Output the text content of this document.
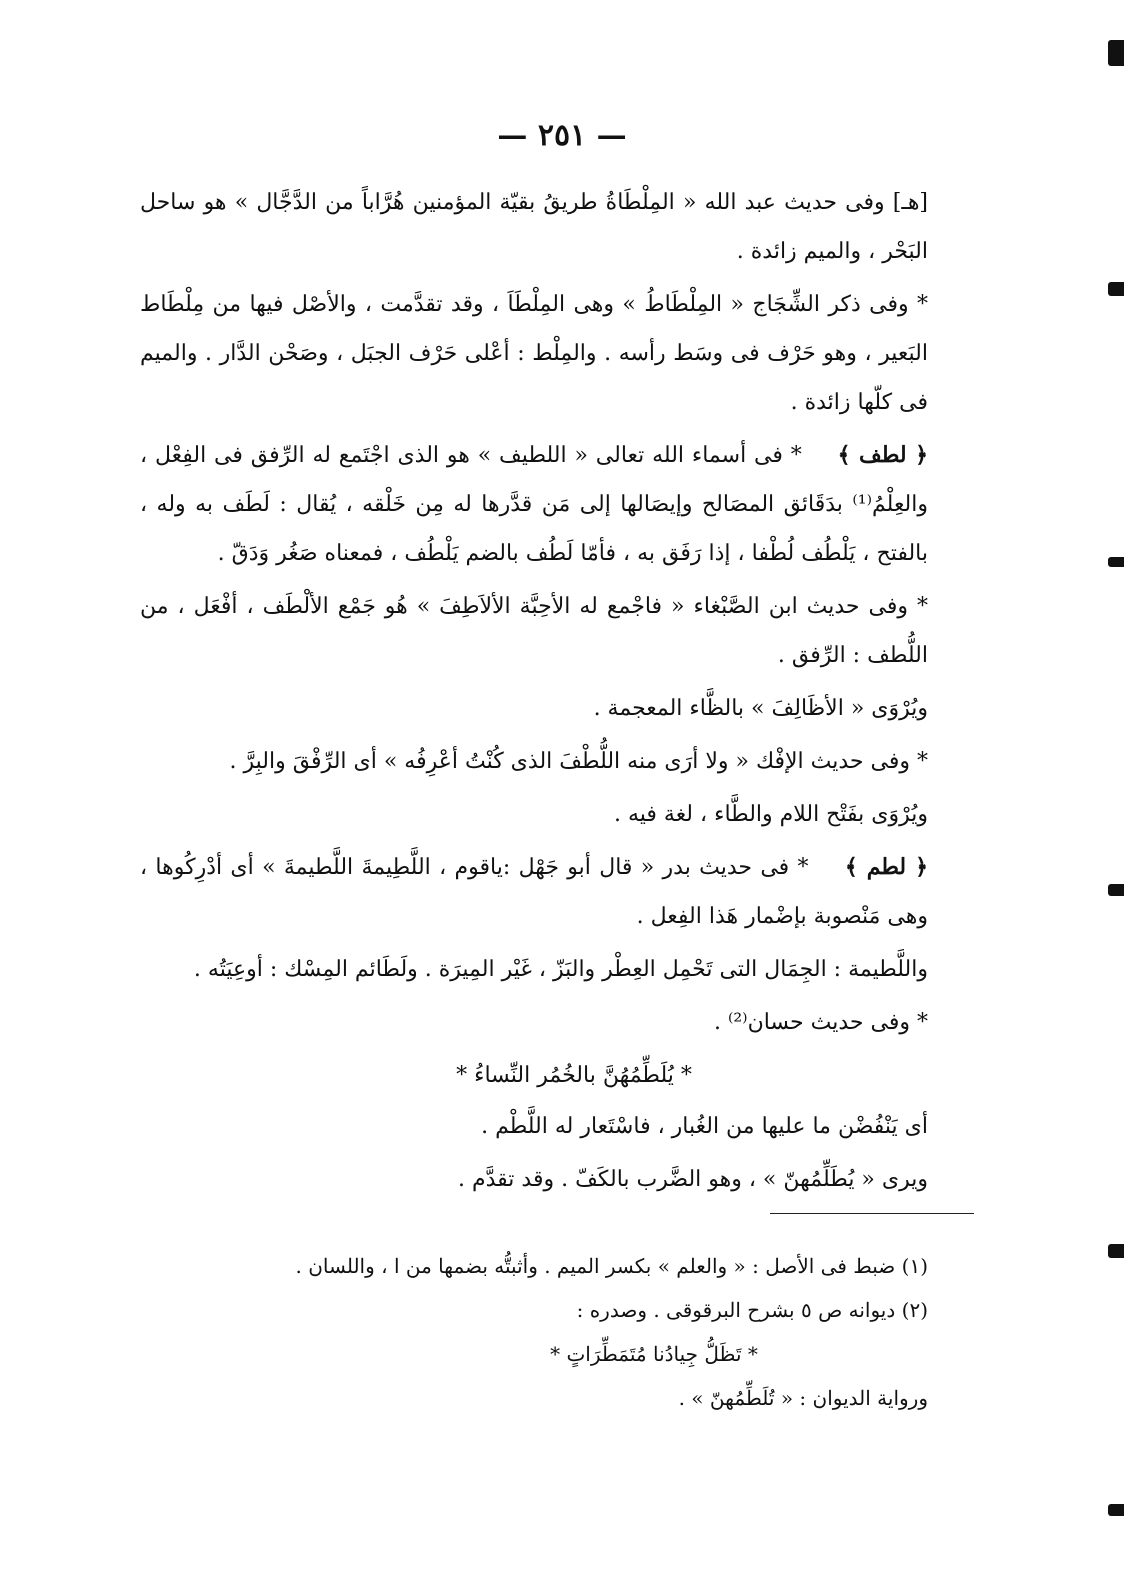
— ٢٥١ —

[هـ] وفى حديث عبد الله « المِلْطَاةُ طريقُ بقيّة المؤمنين هُرَّاباً من الدَّجَّال » هو ساحل البَحْر ، والميم زائدة .

* وفى ذكر الشِّجَاج « المِلْطَاطُ » وهى المِلْطَاَ ، وقد تقدَّمت ، والأصْل فيها من مِلْطَاط البَعير ، وهو حَرْف فى وسَط رأسه . والمِلْط : أعْلى حَرْف الجبَل ، وصَحْن الدَّار . والميم فى كلّها زائدة .

﴿ لطف ﴾ * فى أسماء الله تعالى « اللطيف » هو الذى اجْتَمع له الرِّفق فى الفِعْل ، والعِلْمُ⁽¹⁾ بدَقَائق المصَالح وإيصَالها إلى مَن قدَّرها له مِن خَلْقه ، يُقال : لَطَف به وله ، بالفتح ، يَلْطُف لُطْفا ، إذا رَفَق به ، فأمّا لَطُف بالضم يَلْطُف ، فمعناه صَغُر وَدَقّ .

* وفى حديث ابن الصَّبْغاء « فاجْمع له الأحِبَّة الألاَطِفَ » هُو جَمْع الألْطَف ، أفْعَل ، من اللُّطف : الرِّفق .

ويُرْوَى « الأظَالِفَ » بالظَّاء المعجمة .

* وفى حديث الإفْك « ولا أرَى منه اللُّطْفَ الذى كُنْتُ أعْرِفُه » أى الرِّفْقَ والبِرَّ .

ويُرْوَى بفَتْح اللام والطَّاء ، لغة فيه .

﴿ لطم ﴾ * فى حديث بدر « قال أبو جَهْل :ياقوم ، اللَّطِيمةَ اللَّطيمةَ » أى أدْرِكُوها ، وهى مَنْصوبة بإضْمار هَذا الفِعل .

واللَّطيمة : الجِمَال التى تَحْمِل العِطْر والبَزّ ، غَيْر المِيرَة . ولَطَائم المِسْك : أوعِيَتُه .

* وفى حديث حسان⁽²⁾ .

* يُلَطِّمُهُنَّ بالخُمُر النِّساءُ *

أى يَنْفُضْن ما عليها من الغُبار ، فاسْتَعار له اللَّطْم .

ويرى « يُطَلِّمُهنّ » ، وهو الضَّرب بالكَفّ . وقد تقدَّم .

(١) ضبط فى الأصل : « والعلم » بكسر الميم . وأثبتُّه بضمها من ا ، واللسان .

(٢) ديوانه ص ٥ بشرح البرقوقى . وصدره :

* تَظَلُّ جِيادُنا مُتَمَطِّرَاتٍ *

ورواية الديوان : « تُلَطِّمُهنّ » .
